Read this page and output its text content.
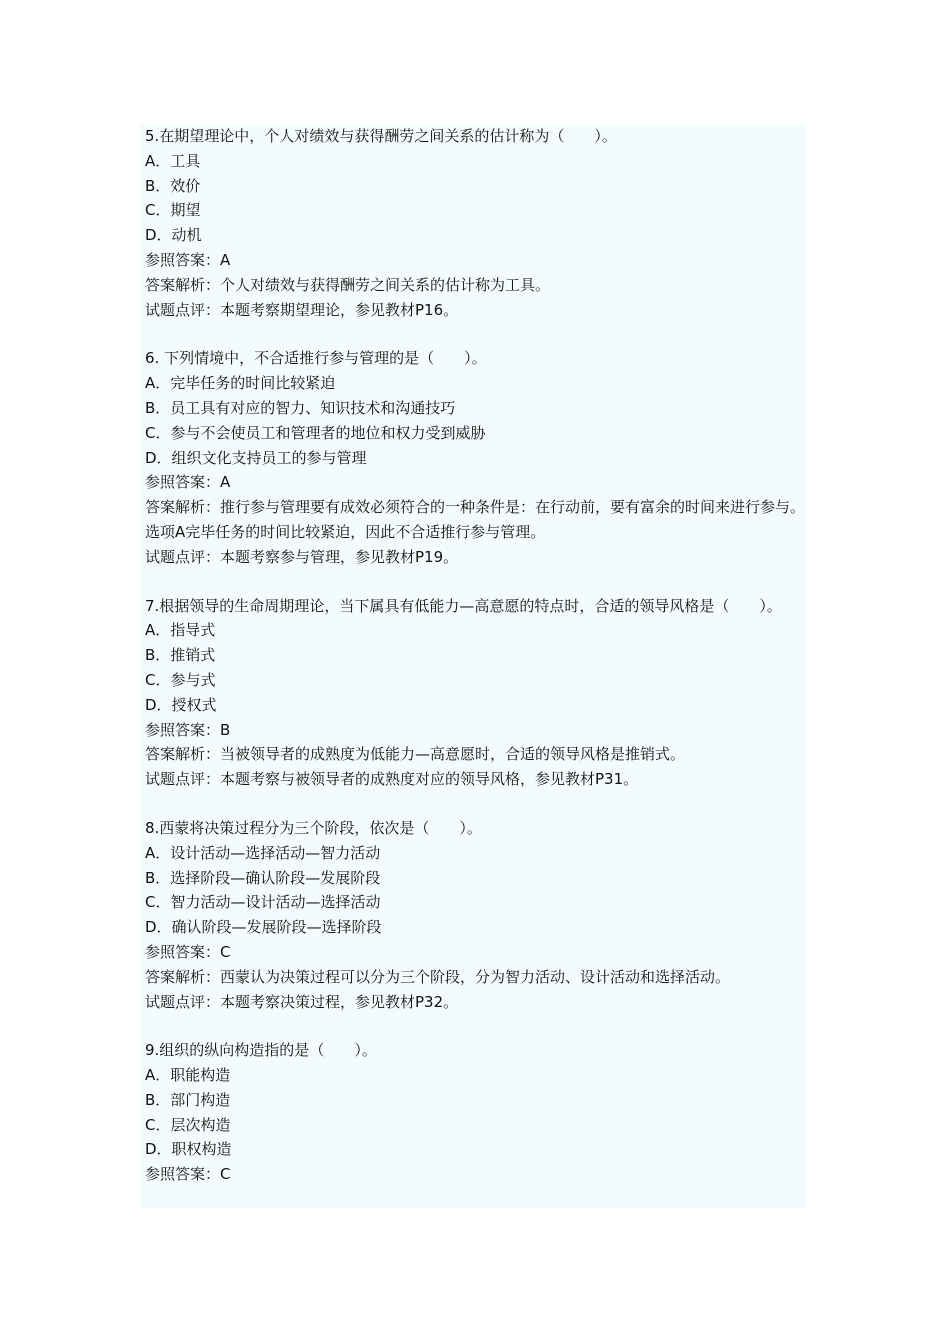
5.在期望理论中，个人对绩效与获得酬劳之间关系的估计称为（　　）。
A．工具
B．效价
C．期望
D．动机
参照答案：A
答案解析：个人对绩效与获得酬劳之间关系的估计称为工具。
试题点评：本题考察期望理论，参见教材P16。
6. 下列情境中，不合适推行参与管理的是（　　）。
A．完毕任务的时间比较紧迫
B．员工具有对应的智力、知识技术和沟通技巧
C．参与不会使员工和管理者的地位和权力受到威胁
D．组织文化支持员工的参与管理
参照答案：A
答案解析：推行参与管理要有成效必须符合的一种条件是：在行动前，要有富余的时间来进行参与。选项A完毕任务的时间比较紧迫，因此不合适推行参与管理。
试题点评：本题考察参与管理，参见教材P19。
7.根据领导的生命周期理论，当下属具有低能力—高意愿的特点时，合适的领导风格是（　　）。
A．指导式
B．推销式
C．参与式
D．授权式
参照答案：B
答案解析：当被领导者的成熟度为低能力—高意愿时，合适的领导风格是推销式。
试题点评：本题考察与被领导者的成熟度对应的领导风格，参见教材P31。
8.西蒙将决策过程分为三个阶段，依次是（　　）。
A．设计活动—选择活动—智力活动
B．选择阶段—确认阶段—发展阶段
C．智力活动—设计活动—选择活动
D．确认阶段—发展阶段—选择阶段
参照答案：C
答案解析：西蒙认为决策过程可以分为三个阶段，分为智力活动、设计活动和选择活动。
试题点评：本题考察决策过程，参见教材P32。
9.组织的纵向构造指的是（　　）。
A．职能构造
B．部门构造
C．层次构造
D．职权构造
参照答案：C
